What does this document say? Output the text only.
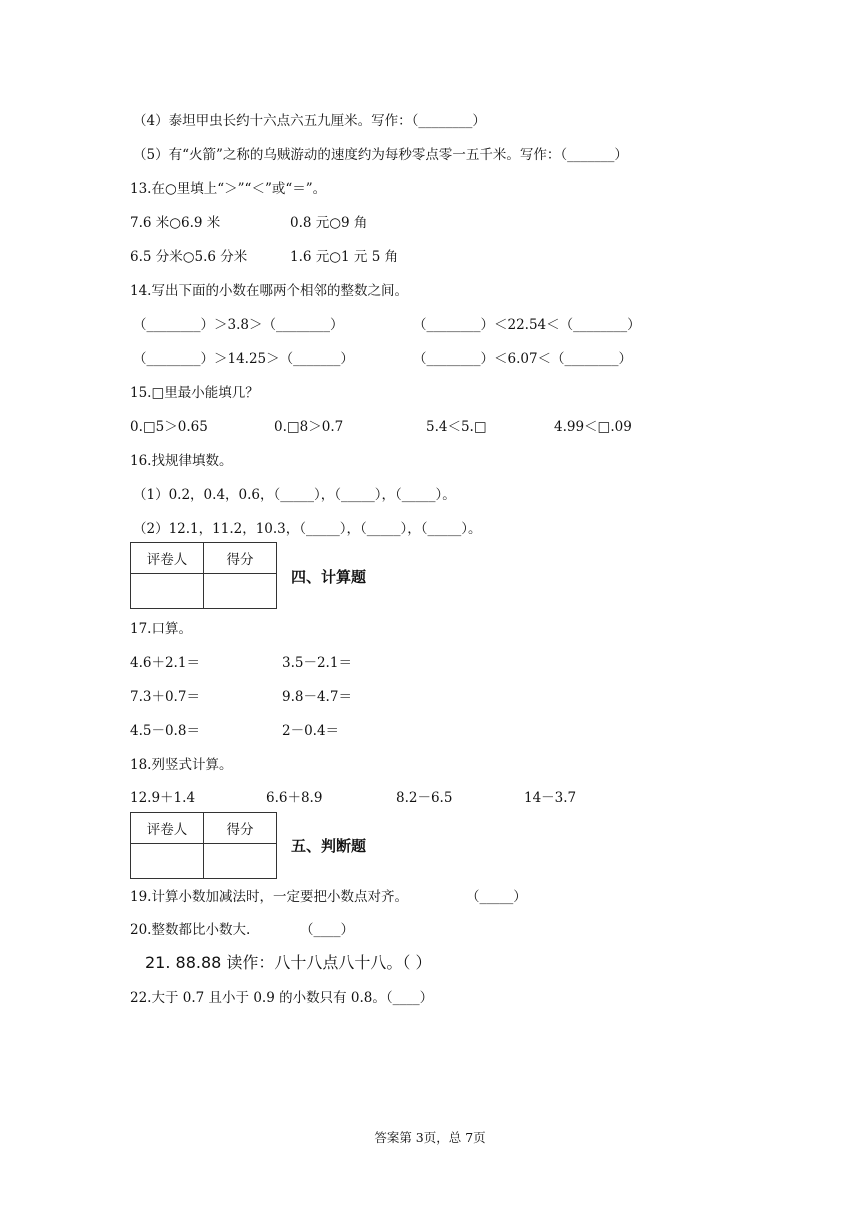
（4）泰坦甲虫长约十六点六五九厘米。写作：（________）
（5）有“火箭”之称的乌贼游动的速度约为每秒零点零一五千米。写作：（_______）
13.在○里填上“＞”“＜”或“＝”。
7.6 米○6.9 米	0.8 元○9 角
6.5 分米○5.6 分米	1.6 元○1 元 5 角
14.写出下面的小数在哪两个相邻的整数之间。
（________）＞3.8＞（________）	（________）＜22.54＜（________）
（________）＞14.25＞（_______）	（________）＜6.07＜（________）
15.□里最小能填几？
0.□5＞0.65	0.□8＞0.7	5.4＜5.□	4.99＜□.09
16.找规律填数。
（1）0.2，0.4，0.6，（_____），（_____），（_____）。
（2）12.1，11.2，10.3，（_____），（_____），（_____）。
评卷人	得分

四、计算题
17.口算。
4.6＋2.1＝	3.5－2.1＝
7.3＋0.7＝	9.8－4.7＝
4.5－0.8＝	2－0.4＝
18.列竖式计算。
12.9＋1.4	6.6＋8.9	8.2－6.5	14－3.7
评卷人	得分

五、判断题
19.计算小数加减法时，一定要把小数点对齐。	（_____）
20.整数都比小数大.	（____）
21. 88.88 读作：八十八点八十八。（ ）
22.大于 0.7 且小于 0.9 的小数只有 0.8。（____）
答案第 3页，总 7页
